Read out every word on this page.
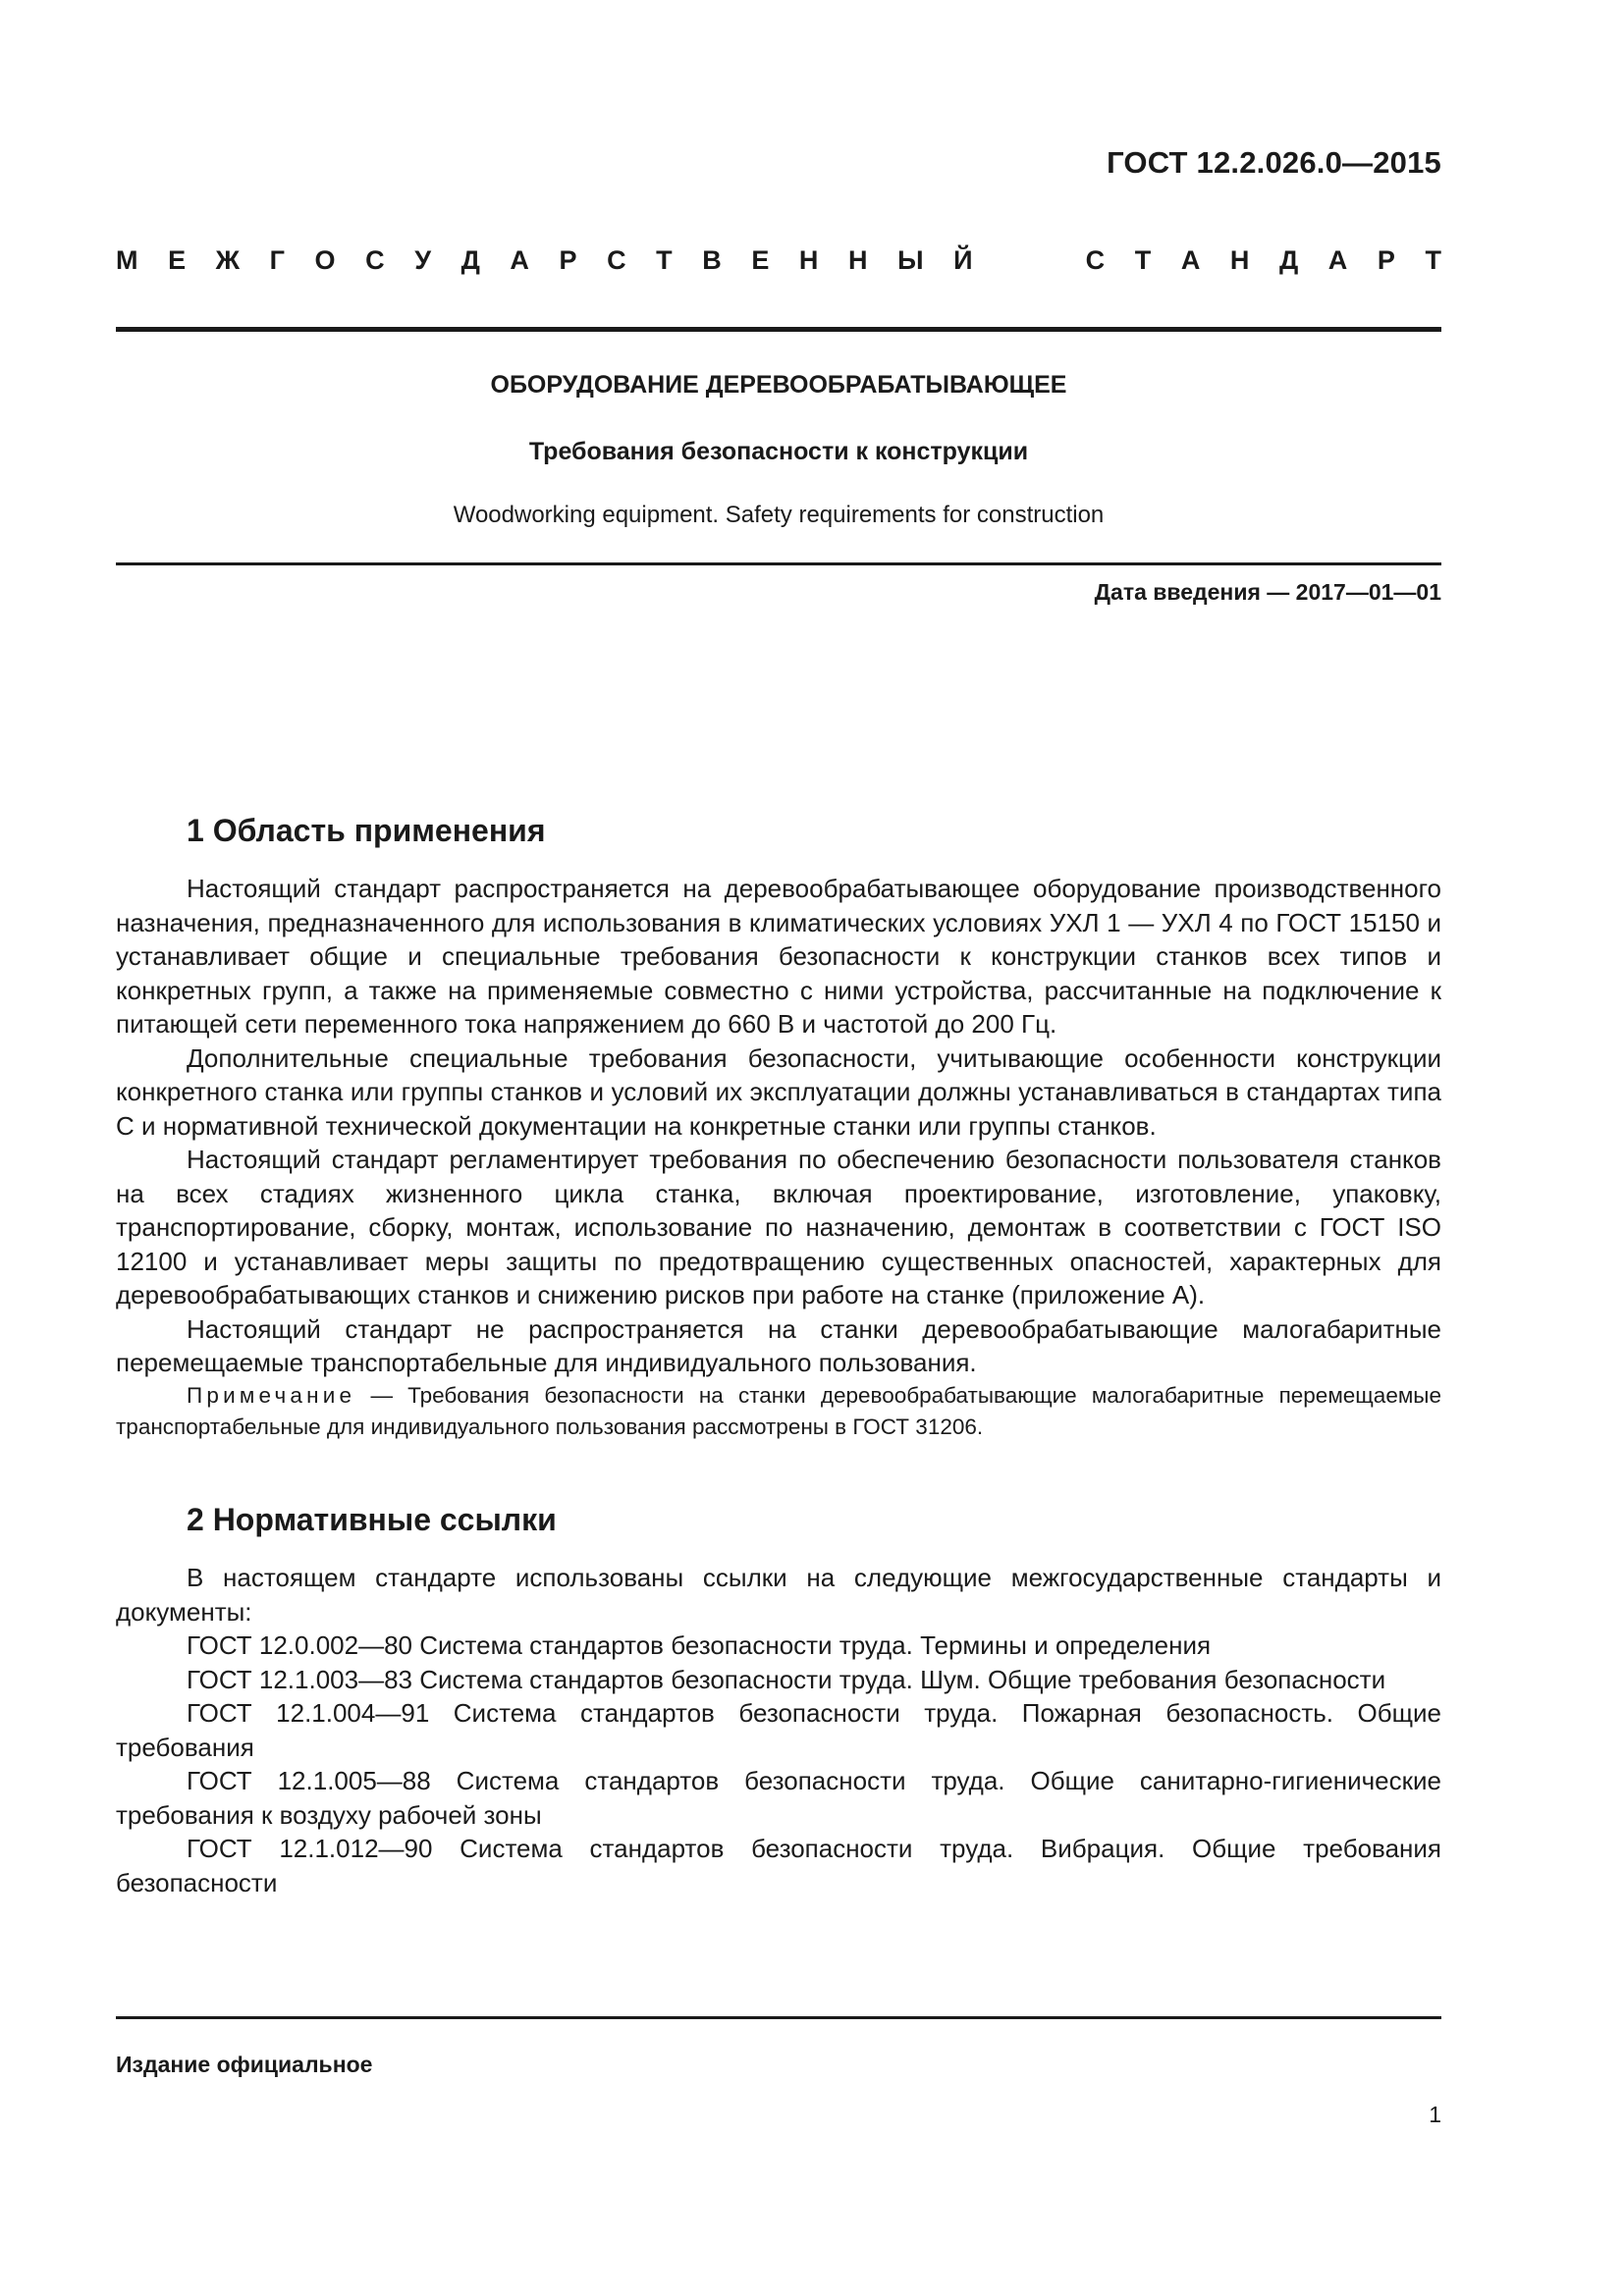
ГОСТ 12.2.026.0—2015
М Е Ж Г О С У Д А Р С Т В Е Н Н Ы Й	С Т А Н Д А Р Т
ОБОРУДОВАНИЕ ДЕРЕВООБРАБАТЫВАЮЩЕЕ
Требования безопасности к конструкции
Woodworking equipment. Safety requirements for construction
Дата введения — 2017—01—01
1 Область применения

Настоящий стандарт распространяется на деревообрабатывающее оборудование производственного назначения, предназначенного для использования в климатических условиях УХЛ 1 — УХЛ 4 по ГОСТ 15150 и устанавливает общие и специальные требования безопасности к конструкции станков всех типов и конкретных групп, а также на применяемые совместно с ними устройства, рассчитанные на подключение к питающей сети переменного тока напряжением до 660 В и частотой до 200 Гц.

Дополнительные специальные требования безопасности, учитывающие особенности конструкции конкретного станка или группы станков и условий их эксплуатации должны устанавливаться в стандартах типа С и нормативной технической документации на конкретные станки или группы станков.

Настоящий стандарт регламентирует требования по обеспечению безопасности пользователя станков на всех стадиях жизненного цикла станка, включая проектирование, изготовление, упаковку, транспортирование, сборку, монтаж, использование по назначению, демонтаж в соответствии с ГОСТ ISO 12100 и устанавливает меры защиты по предотвращению существенных опасностей, характерных для деревообрабатывающих станков и снижению рисков при работе на станке (приложение А).

Настоящий стандарт не распространяется на станки деревообрабатывающие малогабаритные перемещаемые транспортабельные для индивидуального пользования.

Примечание — Требования безопасности на станки деревообрабатывающие малогабаритные перемещаемые транспортабельные для индивидуального пользования рассмотрены в ГОСТ 31206.
2 Нормативные ссылки

В настоящем стандарте использованы ссылки на следующие межгосударственные стандарты и документы:

ГОСТ 12.0.002—80 Система стандартов безопасности труда. Термины и определения

ГОСТ 12.1.003—83 Система стандартов безопасности труда. Шум. Общие требования безопасности

ГОСТ 12.1.004—91 Система стандартов безопасности труда. Пожарная безопасность. Общие требования

ГОСТ 12.1.005—88 Система стандартов безопасности труда. Общие санитарно-гигиенические требования к воздуху рабочей зоны

ГОСТ 12.1.012—90 Система стандартов безопасности труда. Вибрация. Общие требования безопасности

Издание официальное
1
